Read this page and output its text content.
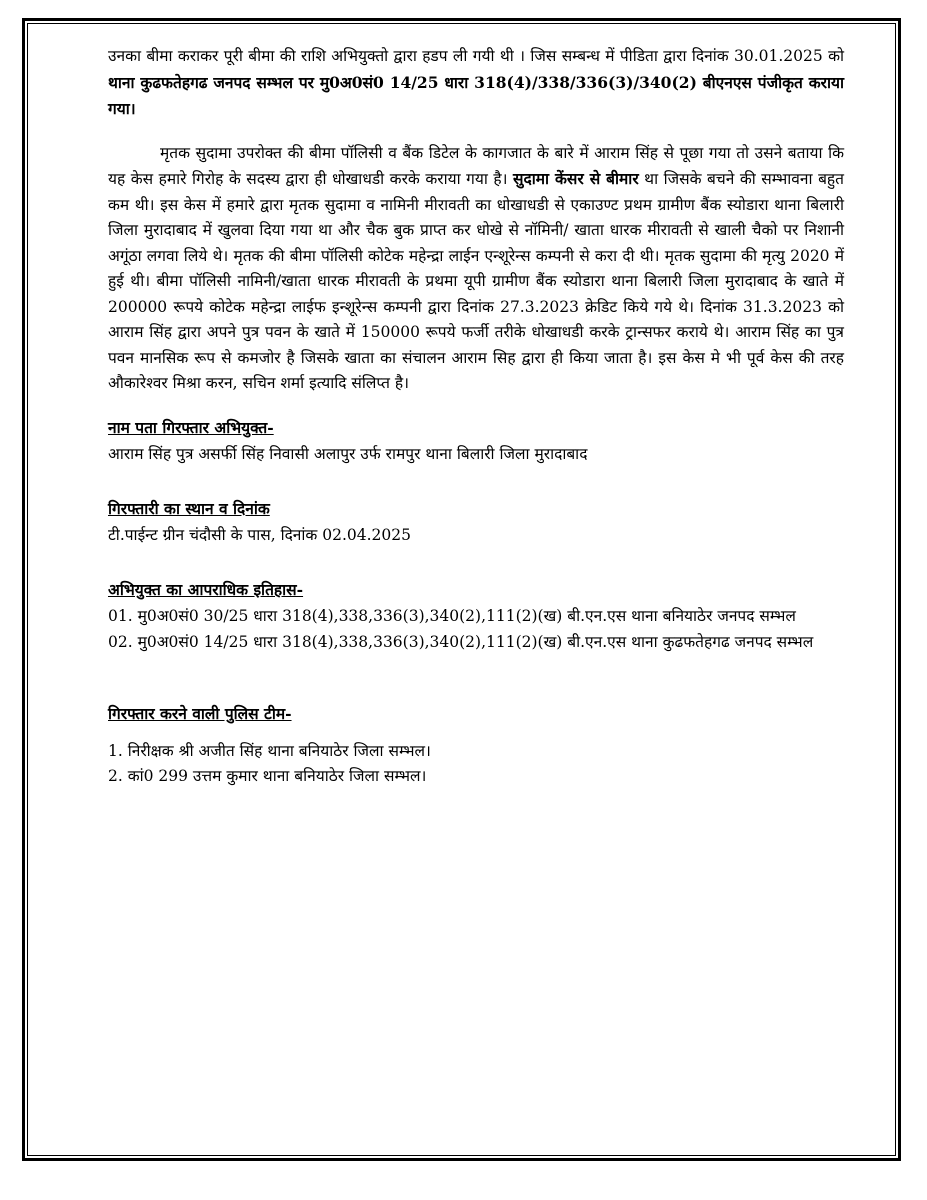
उनका बीमा कराकर पूरी बीमा की राशि अभियुक्तो द्वारा हडप ली गयी थी । जिस सम्बन्ध में पीडिता द्वारा दिनांक 30.01.2025 को थाना कुढफतेहगढ जनपद सम्भल पर मु0अ0सं0 14/25 धारा 318(4)/338/336(3)/340(2) बीएनएस पंजीकृत कराया गया।

मृतक सुदामा उपरोक्त की बीमा पॉलिसी व बैंक डिटेल के कागजात के बारे में आराम सिंह से पूछा गया तो उसने बताया कि यह केस हमारे गिरोह के सदस्य द्वारा ही धोखाधडी करके कराया गया है। सुदामा केंसर से बीमार था जिसके बचने की सम्भावना बहुत कम थी। इस केस में हमारे द्वारा मृतक सुदामा व नामिनी मीरावती का धोखाधडी से एकाउण्ट प्रथम ग्रामीण बैंक स्योडारा थाना बिलारी जिला मुरादाबाद में खुलवा दिया गया था और चैक बुक प्राप्त कर धोखे से नॉमिनी/ खाता धारक मीरावती से खाली चैको पर निशानी अगूंठा लगवा लिये थे। मृतक की बीमा पॉलिसी कोटेक महेन्द्रा लाईन एन्शूरेन्स कम्पनी से करा दी थी। मृतक सुदामा की मृत्यु 2020 में हुई थी। बीमा पॉलिसी नामिनी/खाता धारक मीरावती के प्रथमा यूपी ग्रामीण बैंक स्योडारा थाना बिलारी जिला मुरादाबाद के खाते में 200000 रूपये कोटेक महेन्द्रा लाईफ इन्शूरेन्स कम्पनी द्वारा दिनांक 27.3.2023 क्रेडिट किये गये थे। दिनांक 31.3.2023 को आराम सिंह द्वारा अपने पुत्र पवन के खाते में 150000 रूपये फर्जी तरीके धोखाधडी करके ट्रान्सफर कराये थे। आराम सिंह का पुत्र पवन मानसिक रूप से कमजोर है जिसके खाता का संचालन आराम सिह द्वारा ही किया जाता है। इस केस मे भी पूर्व केस की तरह औकारेश्वर मिश्रा करन, सचिन शर्मा इत्यादि संलिप्त है।

नाम पता गिरफ्तार अभियुक्त-
आराम सिंह पुत्र असर्फी सिंह निवासी अलापुर उर्फ रामपुर थाना बिलारी जिला मुरादाबाद
गिरफ्तारी का स्थान व दिनांक
टी.पाईन्ट ग्रीन चंदौसी के पास, दिनांक 02.04.2025
अभियुक्त का आपराधिक इतिहास-
01. मु0अ0सं0 30/25 धारा 318(4),338,336(3),340(2),111(2)(ख) बी.एन.एस थाना बनियाठेर जनपद सम्भल
02. मु0अ0सं0 14/25 धारा 318(4),338,336(3),340(2),111(2)(ख) बी.एन.एस थाना कुढफतेहगढ जनपद सम्भल
गिरफ्तार करने वाली पुलिस टीम-
1. निरीक्षक श्री अजीत सिंह थाना बनियाठेर जिला सम्भल।
2. कां0 299 उत्तम कुमार थाना बनियाठेर जिला सम्भल।
